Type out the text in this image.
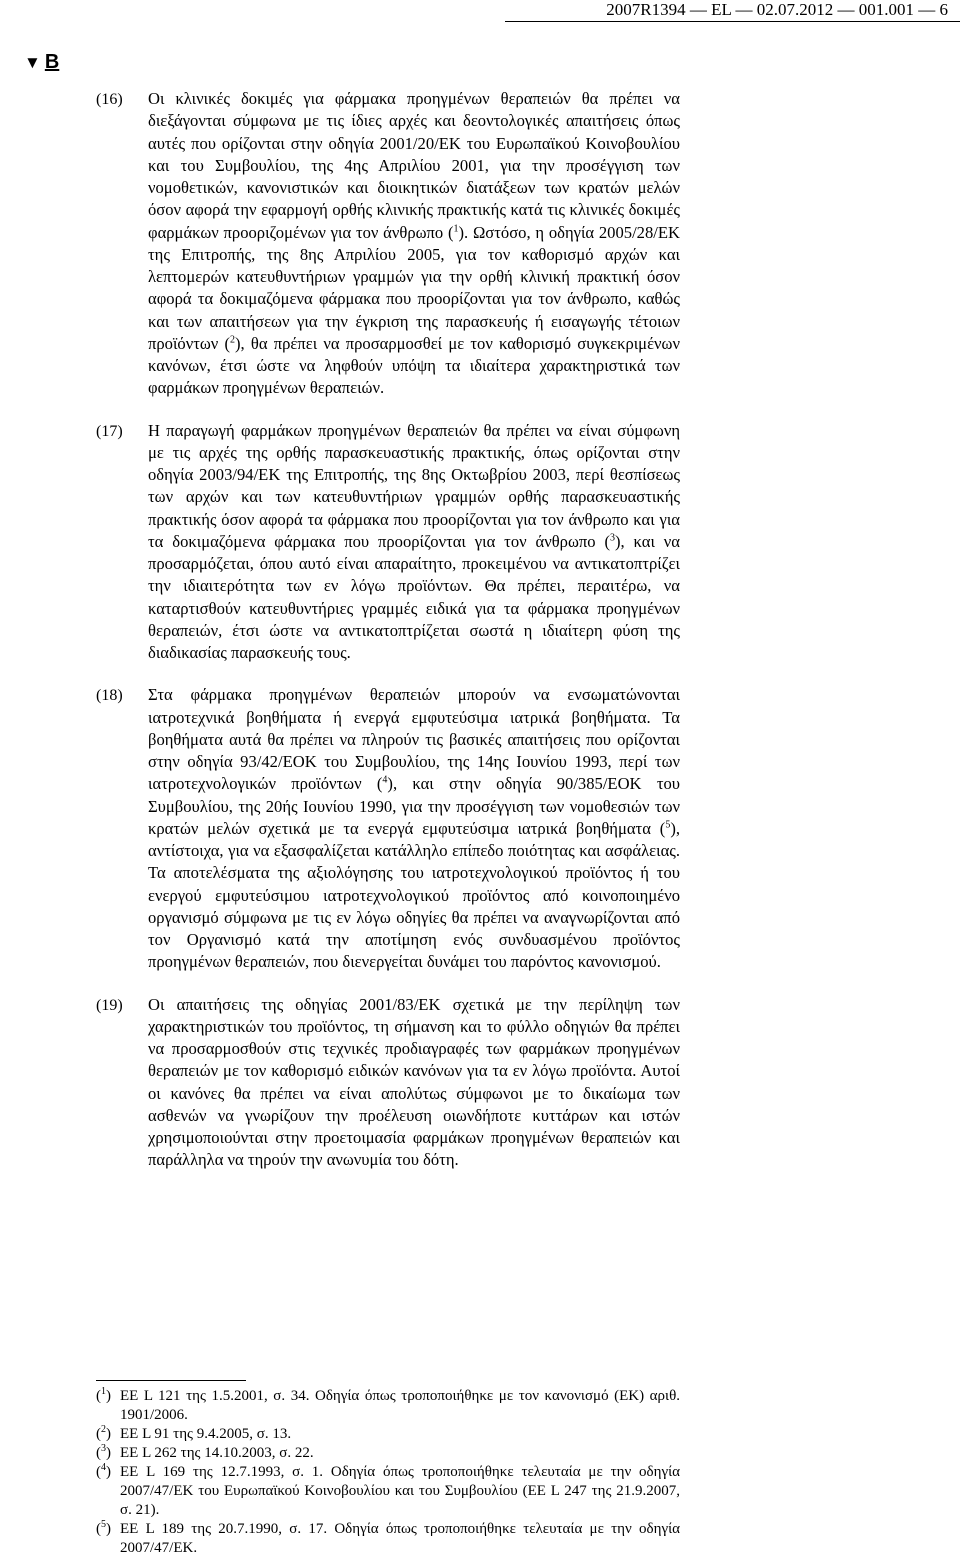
2007R1394 — EL — 02.07.2012 — 001.001 — 6
▼ B
(16)	Οι κλινικές δοκιμές για φάρμακα προηγμένων θεραπειών θα πρέπει να διεξάγονται σύμφωνα με τις ίδιες αρχές και δεοντολογικές απαιτήσεις όπως αυτές που ορίζονται στην οδηγία 2001/20/ΕΚ του Ευρωπαϊκού Κοινοβουλίου και του Συμβουλίου, της 4ης Απριλίου 2001, για την προσέγγιση των νομοθετικών, κανονιστικών και διοικητικών διατάξεων των κρατών μελών όσον αφορά την εφαρμογή ορθής κλινικής πρακτικής κατά τις κλινικές δοκιμές φαρμάκων προοριζομένων για τον άνθρωπο ($^1$). Ωστόσο, η οδηγία 2005/28/ΕΚ της Επιτροπής, της 8ης Απριλίου 2005, για τον καθορισμό αρχών και λεπτομερών κατευθυντήριων γραμμών για την ορθή κλινική πρακτική όσον αφορά τα δοκιμαζόμενα φάρμακα που προορίζονται για τον άνθρωπο, καθώς και των απαιτήσεων για την έγκριση της παρασκευής ή εισαγωγής τέτοιων προϊόντων ($^2$), θα πρέπει να προσαρμοσθεί με τον καθορισμό συγκεκριμένων κανόνων, έτσι ώστε να ληφθούν υπόψη τα ιδιαίτερα χαρακτηριστικά των φαρμάκων προηγμένων θεραπειών.
(17)	Η παραγωγή φαρμάκων προηγμένων θεραπειών θα πρέπει να είναι σύμφωνη με τις αρχές της ορθής παρασκευαστικής πρακτικής, όπως ορίζονται στην οδηγία 2003/94/ΕΚ της Επιτροπής, της 8ης Οκτωβρίου 2003, περί θεσπίσεως των αρχών και των κατευθυντήριων γραμμών ορθής παρασκευαστικής πρακτικής όσον αφορά τα φάρμακα που προορίζονται για τον άνθρωπο και για τα δοκιμαζόμενα φάρμακα που προορίζονται για τον άνθρωπο ($^3$), και να προσαρμόζεται, όπου αυτό είναι απαραίτητο, προκειμένου να αντικατοπτρίζει την ιδιαιτερότητα των εν λόγω προϊόντων. Θα πρέπει, περαιτέρω, να καταρτισθούν κατευθυντήριες γραμμές ειδικά για τα φάρμακα προηγμένων θεραπειών, έτσι ώστε να αντικατοπτρίζεται σωστά η ιδιαίτερη φύση της διαδικασίας παρασκευής τους.
(18)	Στα φάρμακα προηγμένων θεραπειών μπορούν να ενσωματώνονται ιατροτεχνικά βοηθήματα ή ενεργά εμφυτεύσιμα ιατρικά βοηθήματα. Τα βοηθήματα αυτά θα πρέπει να πληρούν τις βασικές απαιτήσεις που ορίζονται στην οδηγία 93/42/ΕΟΚ του Συμβουλίου, της 14ης Ιουνίου 1993, περί των ιατροτεχνολογικών προϊόντων ($^4$), και στην οδηγία 90/385/ΕΟΚ του Συμβουλίου, της 20ής Ιουνίου 1990, για την προσέγγιση των νομοθεσιών των κρατών μελών σχετικά με τα ενεργά εμφυτεύσιμα ιατρικά βοηθήματα ($^5$), αντίστοιχα, για να εξασφαλίζεται κατάλληλο επίπεδο ποιότητας και ασφάλειας. Τα αποτελέσματα της αξιολόγησης του ιατροτεχνολογικού προϊόντος ή του ενεργού εμφυτεύσιμου ιατροτεχνολογικού προϊόντος από κοινοποιημένο οργανισμό σύμφωνα με τις εν λόγω οδηγίες θα πρέπει να αναγνωρίζονται από τον Οργανισμό κατά την αποτίμηση ενός συνδυασμένου προϊόντος προηγμένων θεραπειών, που διενεργείται δυνάμει του παρόντος κανονισμού.
(19)	Οι απαιτήσεις της οδηγίας 2001/83/ΕΚ σχετικά με την περίληψη των χαρακτηριστικών του προϊόντος, τη σήμανση και το φύλλο οδηγιών θα πρέπει να προσαρμοσθούν στις τεχνικές προδιαγραφές των φαρμάκων προηγμένων θεραπειών με τον καθορισμό ειδικών κανόνων για τα εν λόγω προϊόντα. Αυτοί οι κανόνες θα πρέπει να είναι απολύτως σύμφωνοι με το δικαίωμα των ασθενών να γνωρίζουν την προέλευση οιωνδήποτε κυττάρων και ιστών χρησιμοποιούνται στην προετοιμασία φαρμάκων προηγμένων θεραπειών και παράλληλα να τηρούν την ανωνυμία του δότη.
($^1$) ΕΕ L 121 της 1.5.2001, σ. 34. Οδηγία όπως τροποποιήθηκε με τον κανονισμό (ΕΚ) αριθ. 1901/2006.
($^2$) ΕΕ L 91 της 9.4.2005, σ. 13.
($^3$) ΕΕ L 262 της 14.10.2003, σ. 22.
($^4$) ΕΕ L 169 της 12.7.1993, σ. 1. Οδηγία όπως τροποποιήθηκε τελευταία με την οδηγία 2007/47/ΕΚ του Ευρωπαϊκού Κοινοβουλίου και του Συμβουλίου (ΕΕ L 247 της 21.9.2007, σ. 21).
($^5$) ΕΕ L 189 της 20.7.1990, σ. 17. Οδηγία όπως τροποποιήθηκε τελευταία με την οδηγία 2007/47/ΕΚ.
